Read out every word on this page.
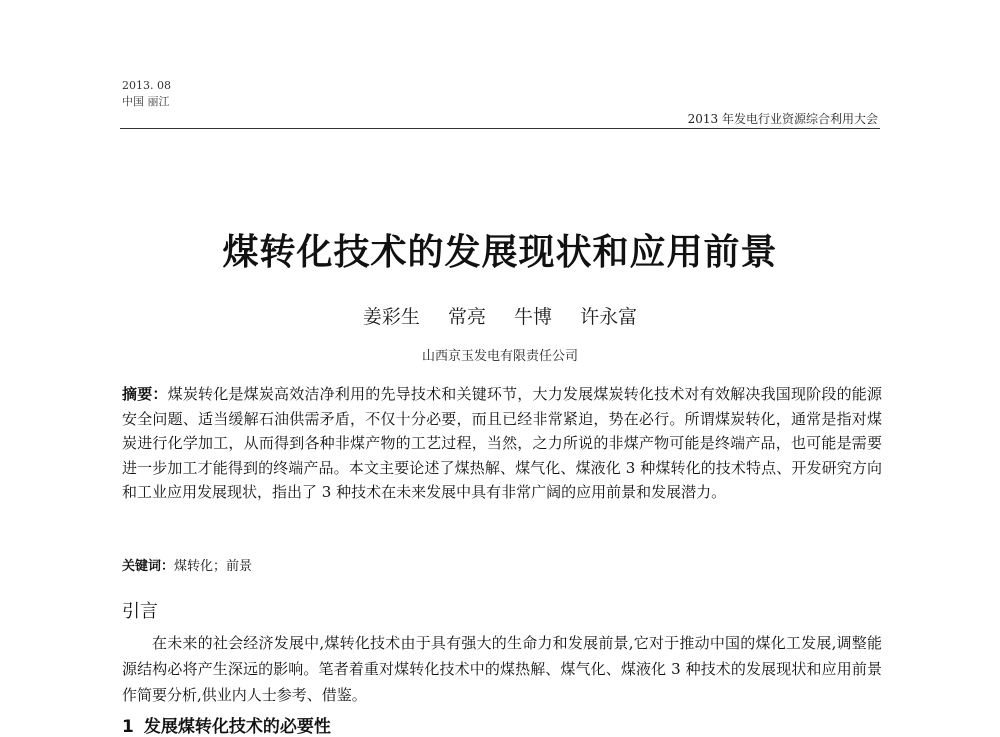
2013. 08
中国 丽江
2013 年发电行业资源综合利用大会
煤转化技术的发展现状和应用前景
姜彩生 常亮 牛博 许永富
山西京玉发电有限责任公司
摘要：煤炭转化是煤炭高效洁净利用的先导技术和关键环节，大力发展煤炭转化技术对有效解决我国现阶段的能源安全问题、适当缓解石油供需矛盾，不仅十分必要，而且已经非常紧迫，势在必行。所谓煤炭转化，通常是指对煤炭进行化学加工，从而得到各种非煤产物的工艺过程，当然，之力所说的非煤产物可能是终端产品，也可能是需要进一步加工才能得到的终端产品。本文主要论述了煤热解、煤气化、煤液化 3 种煤转化的技术特点、开发研究方向和工业应用发展现状，指出了 3 种技术在未来发展中具有非常广阔的应用前景和发展潜力。
关键词：煤转化；前景
引言
在未来的社会经济发展中,煤转化技术由于具有强大的生命力和发展前景,它对于推动中国的煤化工发展,调整能源结构必将产生深远的影响。笔者着重对煤转化技术中的煤热解、煤气化、煤液化 3 种技术的发展现状和应用前景作简要分析,供业内人士参考、借鉴。
1 发展煤转化技术的必要性
